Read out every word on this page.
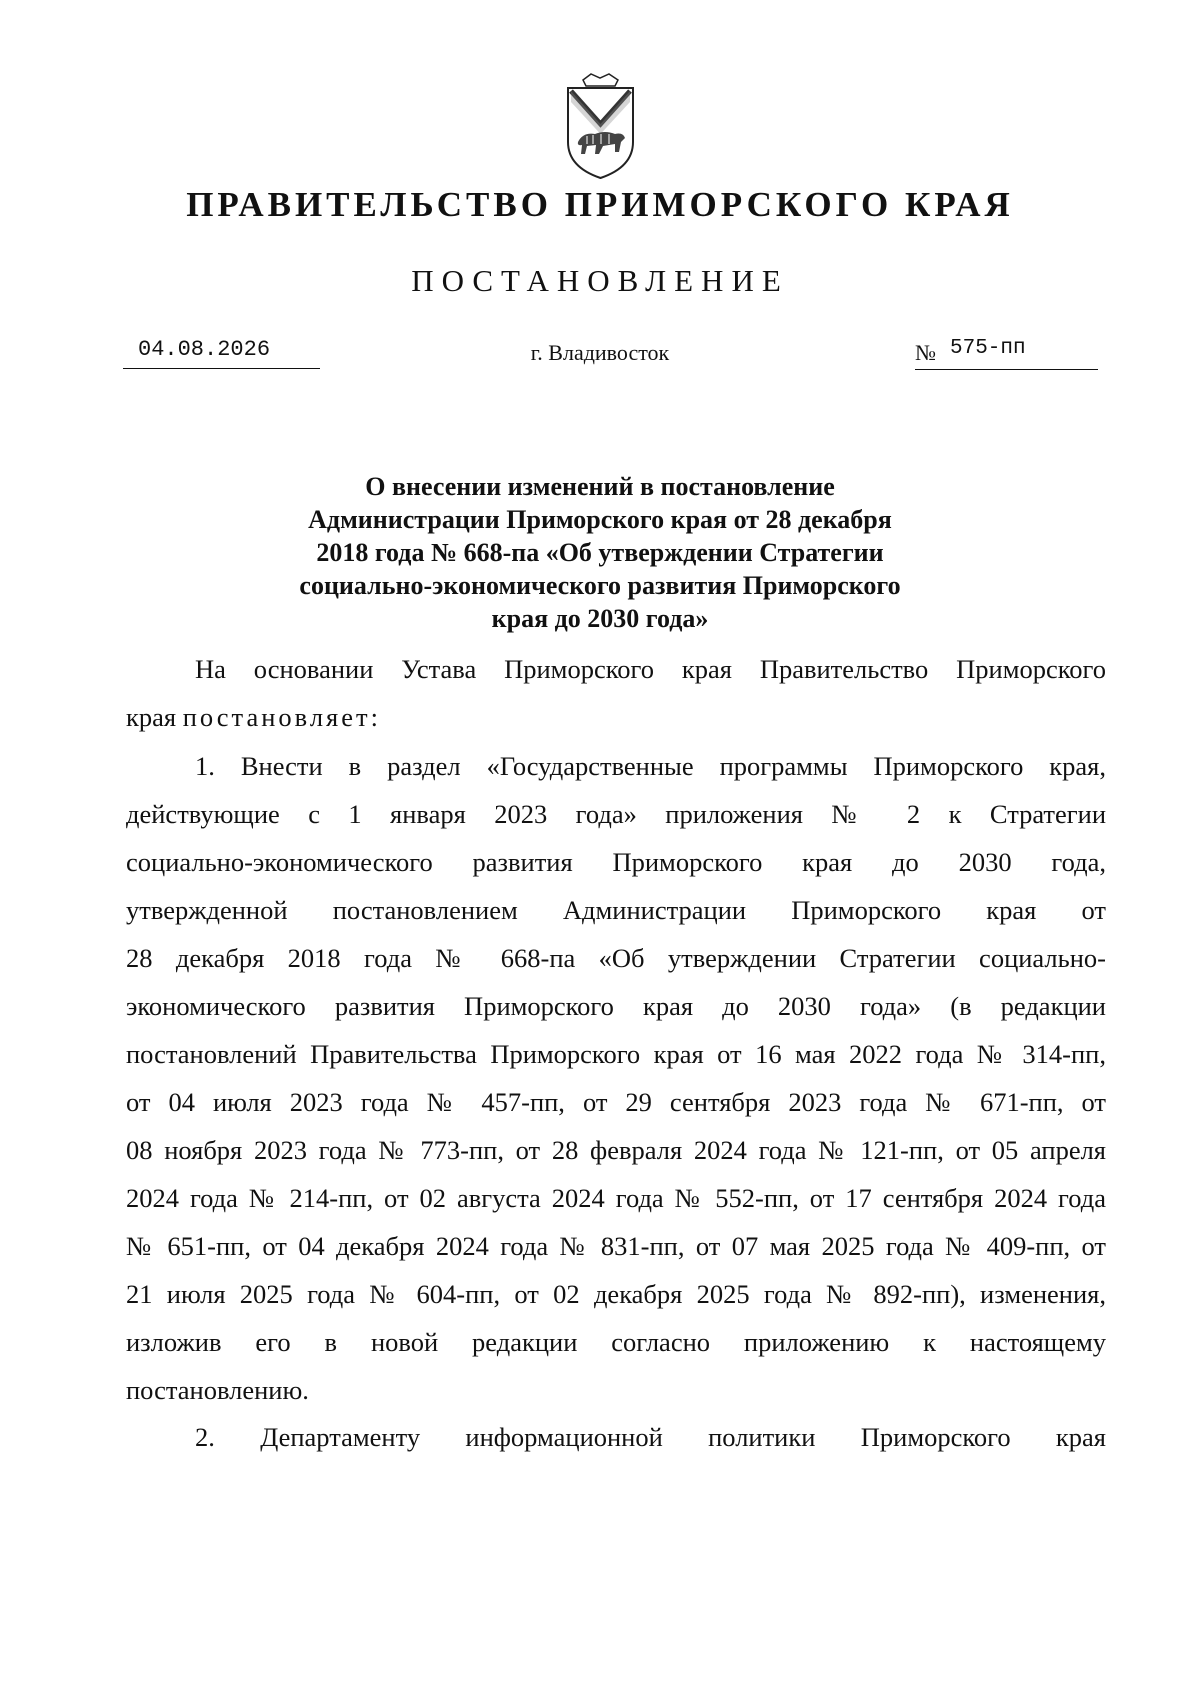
ПРАВИТЕЛЬСТВО ПРИМОРСКОГО КРАЯ
ПОСТАНОВЛЕНИЕ
04.08.2026	г. Владивосток	№ 575-пп
О внесении изменений в постановление
Администрации Приморского края от 28 декабря
2018 года № 668-па «Об утверждении Стратегии
социально-экономического развития Приморского
края до 2030 года»
На основании Устава Приморского края Правительство Приморского
края постановляет:
1. Внести в раздел «Государственные программы Приморского края,
действующие с 1 января 2023 года» приложения № 2 к Стратегии
социально-экономического развития Приморского края до 2030 года,
утвержденной постановлением Администрации Приморского края от
28 декабря 2018 года № 668-па «Об утверждении Стратегии социально-
экономического развития Приморского края до 2030 года» (в редакции
постановлений Правительства Приморского края от 16 мая 2022 года № 314-пп,
от 04 июля 2023 года № 457-пп, от 29 сентября 2023 года № 671-пп, от
08 ноября 2023 года № 773-пп, от 28 февраля 2024 года № 121-пп, от 05 апреля
2024 года № 214-пп, от 02 августа 2024 года № 552-пп, от 17 сентября 2024 года
№ 651-пп, от 04 декабря 2024 года № 831-пп, от 07 мая 2025 года № 409-пп, от
21 июля 2025 года № 604-пп, от 02 декабря 2025 года № 892-пп), изменения,
изложив его в новой редакции согласно приложению к настоящему
постановлению.
2. Департаменту информационной политики Приморского края
